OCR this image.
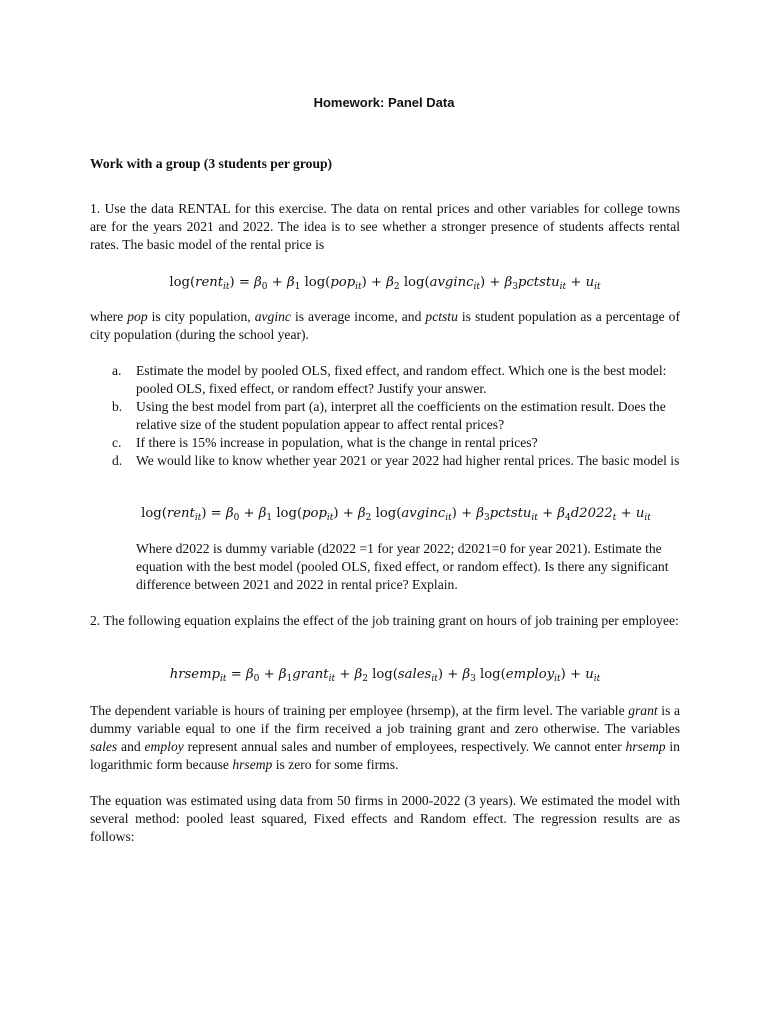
Homework: Panel Data
Work with a group (3 students per group)

1. Use the data RENTAL for this exercise. The data on rental prices and other variables for college towns are for the years 2021 and 2022. The idea is to see whether a stronger presence of students affects rental rates. The basic model of the rental price is

log(rent$_{it}$) = $\beta_0 + \beta_1$ $\log(pop_{it}) + \beta_2$ log(avginc$_{it}$) + $\beta_3pctstu_{it} + u_{it}$

where pop is city population, avginc is average income, and pctstu is student population as a percentage of city population (during the school year).

a. Estimate the model by pooled OLS, fixed effect, and random effect. Which one is the best model: pooled OLS, fixed effect, or random effect? Justify your answer.
b. Using the best model from part (a), interpret all the coefficients on the estimation result. Does the relative size of the student population appear to affect rental prices?
c. If there is 15% increase in population, what is the change in rental prices?
d. We would like to know whether year 2021 or year 2022 had higher rental prices. The basic model is
log(rent$_{it}$) = $\beta_0 + \beta_1$ $\log(pop_{it}) + \beta_2$ log(avginc$_{it}$) + $\beta_3pctstu_{it} + \beta_4d2022_t + u_{it}$

Where d2022 is dummy variable (d2022 =1 for year 2022; d2021=0 for year 2021). Estimate the equation with the best model (pooled OLS, fixed effect, or random effect). Is there any significant difference between 2021 and 2022 in rental price? Explain.

2. The following equation explains the effect of the job training grant on hours of job training per employee:

hrsemp$_{it}$ = $\beta_0$ + $\beta_1grant_{it} + \beta_2$ log(sales$_{it}$) + $\beta_3$ log(employ$_{it}$) + $u_{it}$

The dependent variable is hours of training per employee (hrsemp), at the firm level. The variable grant is a dummy variable equal to one if the firm received a job training grant and zero otherwise. The variables sales and employ represent annual sales and number of employees, respectively. We cannot enter hrsemp in logarithmic form because hrsemp is zero for some firms.

The equation was estimated using data from 50 firms in 2000-2022 (3 years). We estimated the model with several method: pooled least squared, Fixed effects and Random effect. The regression results are as follows:
